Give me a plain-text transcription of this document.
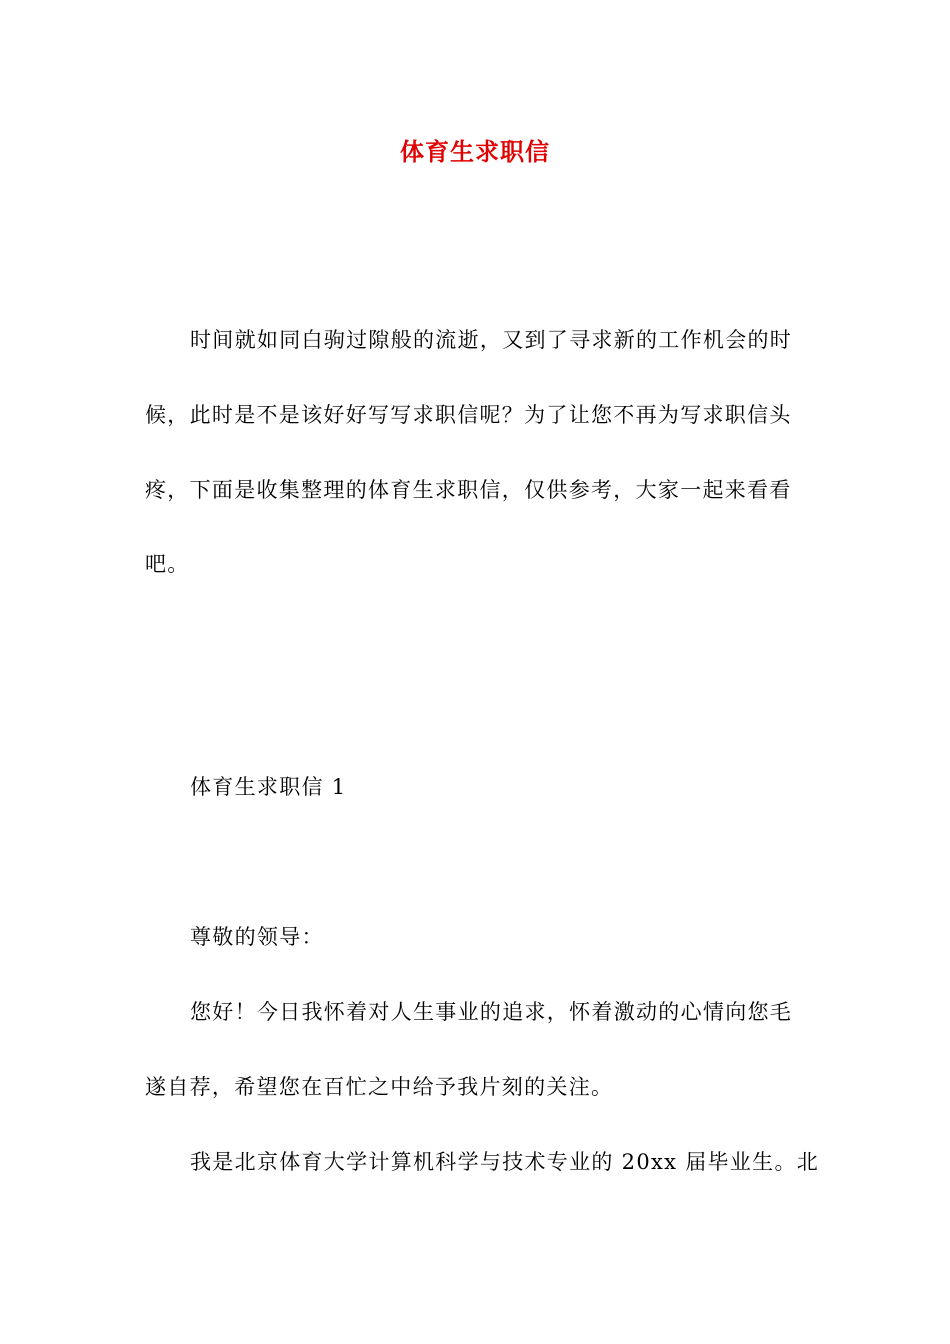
体育生求职信
时间就如同白驹过隙般的流逝，又到了寻求新的工作机会的时
候，此时是不是该好好写写求职信呢？为了让您不再为写求职信头
疼，下面是收集整理的体育生求职信，仅供参考，大家一起来看看
吧。
体育生求职信 1
尊敬的领导：
您好！今日我怀着对人生事业的追求，怀着激动的心情向您毛
遂自荐，希望您在百忙之中给予我片刻的关注。
我是北京体育大学计算机科学与技术专业的 20xx 届毕业生。北
